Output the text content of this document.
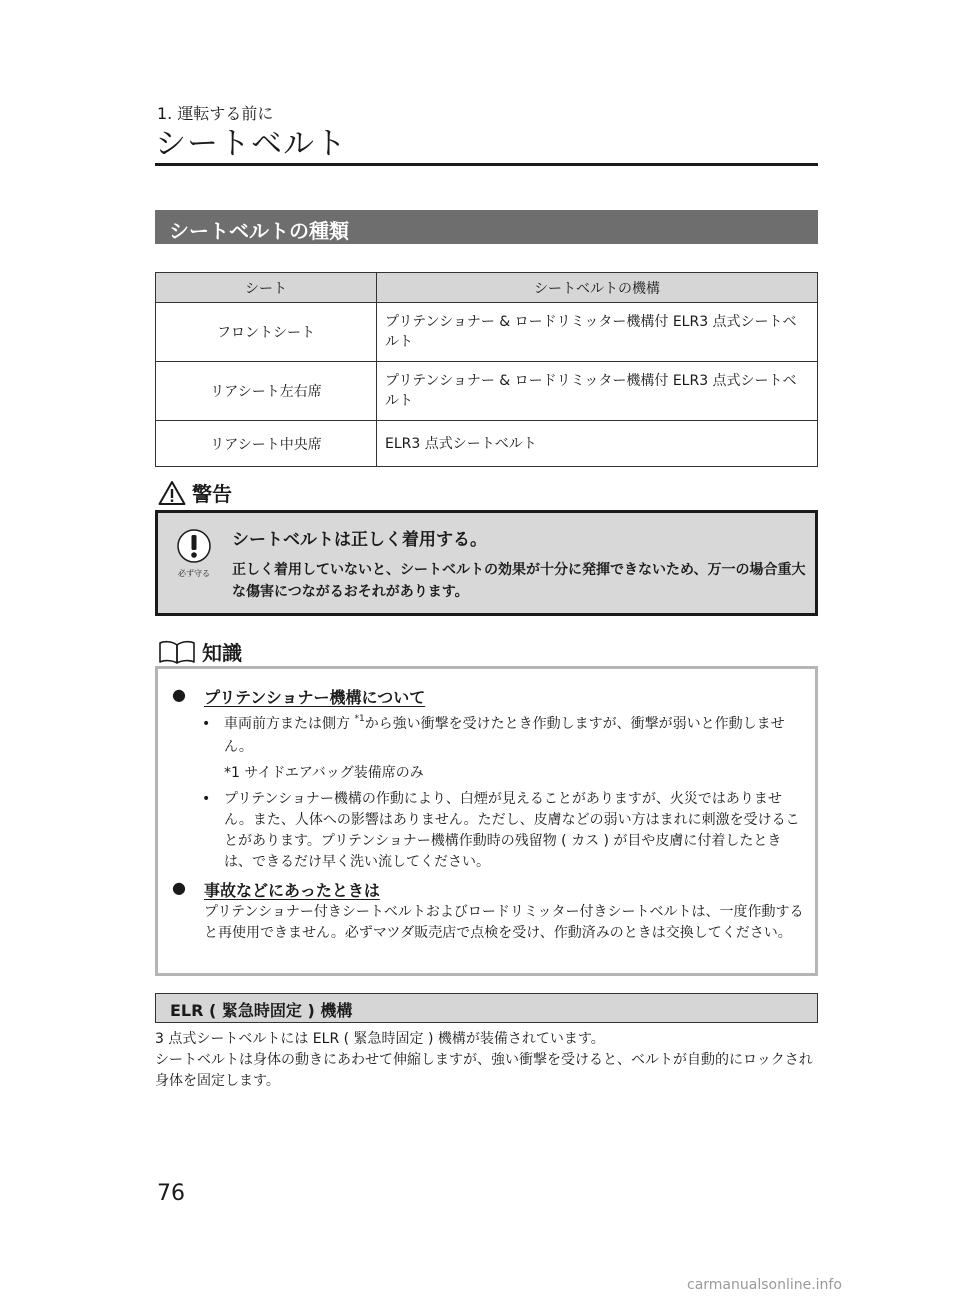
1. 運転する前に
シートベルト
シートベルトの種類
シート	シートベルトの機構
フロントシート	プリテンショナー & ロードリミッター機構付 ELR3 点式シートベルト
リアシート左右席	プリテンショナー & ロードリミッター機構付 ELR3 点式シートベルト
リアシート中央席	ELR3 点式シートベルト
警告
必ず守る
シートベルトは正しく着用する。
正しく着用していないと、シートベルトの効果が十分に発揮できないため、万一の場合重大な傷害につながるおそれがあります。
知識
● プリテンショナー機構について
• 車両前方または側方 $^{*1}$から強い衝撃を受けたとき作動しますが、衝撃が弱いと作動しません。
*1 サイドエアバッグ装備席のみ
• プリテンショナー機構の作動により、白煙が見えることがありますが、火災ではありません。また、人体への影響はありません。ただし、皮膚などの弱い方はまれに刺激を受けることがあります。プリテンショナー機構作動時の残留物 ( カス ) が目や皮膚に付着したときは、できるだけ早く洗い流してください。
● 事故などにあったときは
プリテンショナー付きシートベルトおよびロードリミッター付きシートベルトは、一度作動すると再使用できません。必ずマツダ販売店で点検を受け、作動済みのときは交換してください。
ELR ( 緊急時固定 ) 機構
3 点式シートベルトには ELR ( 緊急時固定 ) 機構が装備されています。
シートベルトは身体の動きにあわせて伸縮しますが、強い衝撃を受けると、ベルトが自動的にロックされ身体を固定します。
76
carmanualsonline.info
